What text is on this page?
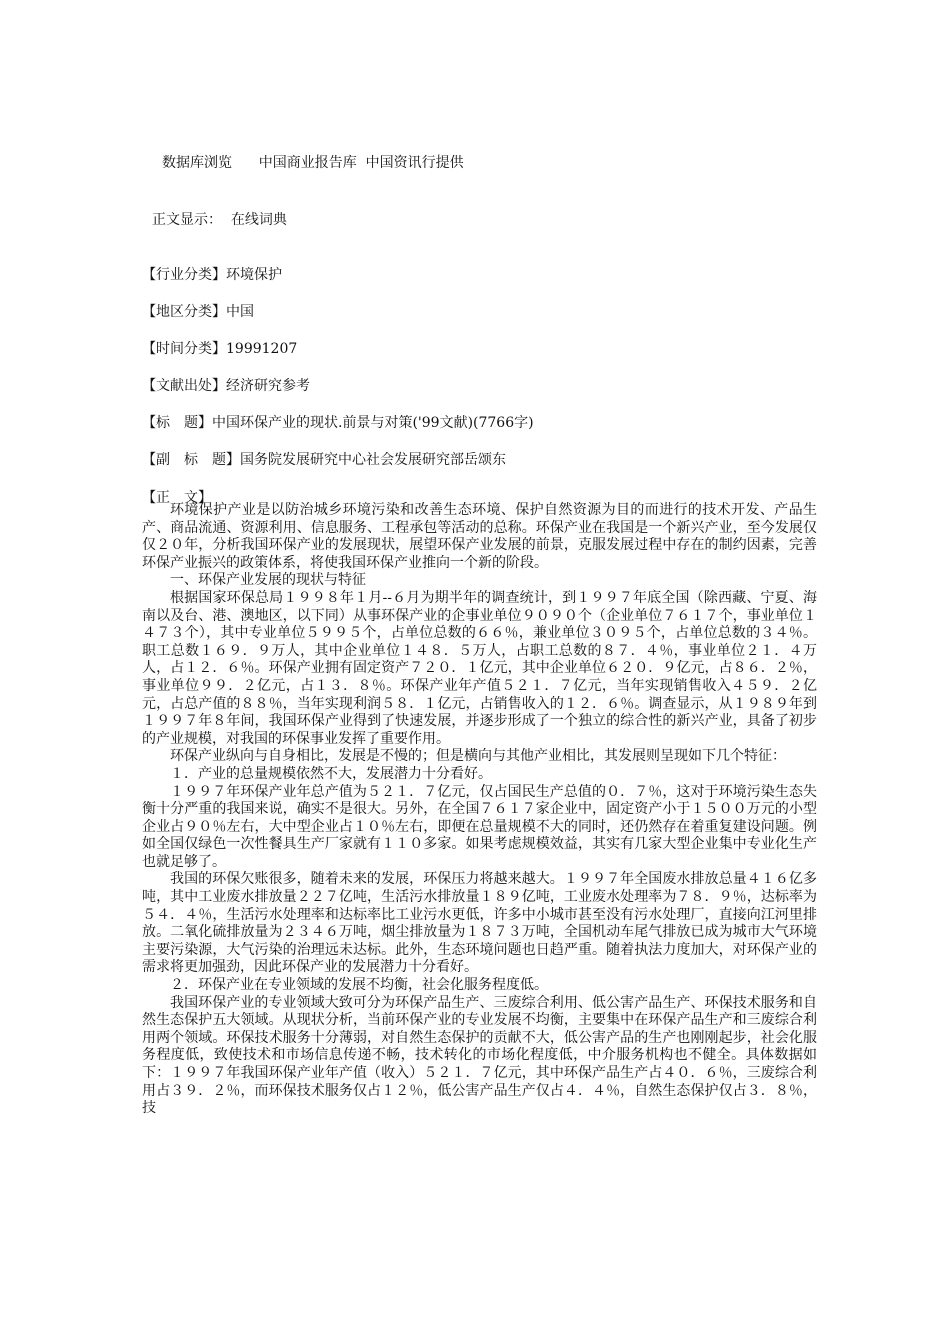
数据库浏览 中国商业报告库 中国资讯行提供
正文显示： 在线词典
【行业分类】环境保护
【地区分类】中国
【时间分类】19991207
【文献出处】经济研究参考
【标　题】中国环保产业的现状.前景与对策('99文献)(7766字)
【副　标　题】国务院发展研究中心社会发展研究部岳颂东
【正　文】

环境保护产业是以防治城乡环境污染和改善生态环境、保护自然资源为目的而进行的技术开发、产品生产、商品流通、资源利用、信息服务、工程承包等活动的总称。环保产业在我国是一个新兴产业，至今发展仅仅２０年，分析我国环保产业的发展现状，展望环保产业发展的前景，克服发展过程中存在的制约因素，完善环保产业振兴的政策体系，将使我国环保产业推向一个新的阶段。

一、环保产业发展的现状与特征

根据国家环保总局１９９８年１月--６月为期半年的调查统计，到１９９７年底全国（除西藏、宁夏、海南以及台、港、澳地区，以下同）从事环保产业的企事业单位９０９０个（企业单位７６１７个，事业单位１４７３个），其中专业单位５９９５个，占单位总数的６６％，兼业单位３０９５个，占单位总数的３４％。职工总数１６９．９万人，其中企业单位１４８．５万人，占职工总数的８７．４％，事业单位２１．４万人，占１２．６％。环保产业拥有固定资产７２０．１亿元，其中企业单位６２０．９亿元，占８６．２％，事业单位９９．２亿元，占１３．８％。环保产业年产值５２１．７亿元，当年实现销售收入４５９．２亿元，占总产值的８８％，当年实现利润５８．１亿元，占销售收入的１２．６％。调查显示，从１９８９年到１９９７年８年间，我国环保产业得到了快速发展，并逐步形成了一个独立的综合性的新兴产业，具备了初步的产业规模，对我国的环保事业发挥了重要作用。

环保产业纵向与自身相比，发展是不慢的；但是横向与其他产业相比，其发展则呈现如下几个特征：

１．产业的总量规模依然不大，发展潜力十分看好。

１９９７年环保产业年总产值为５２１．７亿元，仅占国民生产总值的０．７％，这对于环境污染生态失衡十分严重的我国来说，确实不是很大。另外，在全国７６１７家企业中，固定资产小于１５００万元的小型企业占９０％左右，大中型企业占１０％左右，即便在总量规模不大的同时，还仍然存在着重复建设问题。例如全国仅绿色一次性餐具生产厂家就有１１０多家。如果考虑规模效益，其实有几家大型企业集中专业化生产也就足够了。

我国的环保欠账很多，随着未来的发展，环保压力将越来越大。１９９７年全国废水排放总量４１６亿多吨，其中工业废水排放量２２７亿吨，生活污水排放量１８９亿吨，工业废水处理率为７８．９％，达标率为５４．４％，生活污水处理率和达标率比工业污水更低，许多中小城市甚至没有污水处理厂，直接向江河里排放。二氧化硫排放量为２３４６万吨，烟尘排放量为１８７３万吨，全国机动车尾气排放已成为城市大气环境主要污染源，大气污染的治理远未达标。此外，生态环境问题也日趋严重。随着执法力度加大，对环保产业的需求将更加强劲，因此环保产业的发展潜力十分看好。

２．环保产业在专业领域的发展不均衡，社会化服务程度低。

我国环保产业的专业领域大致可分为环保产品生产、三废综合利用、低公害产品生产、环保技术服务和自然生态保护五大领域。从现状分析，当前环保产业的专业发展不均衡，主要集中在环保产品生产和三废综合利用两个领域。环保技术服务十分薄弱，对自然生态保护的贡献不大，低公害产品的生产也刚刚起步，社会化服务程度低，致使技术和市场信息传递不畅，技术转化的市场化程度低，中介服务机构也不健全。具体数据如下：１９９７年我国环保产业年产值（收入）５２１．７亿元，其中环保产品生产占４０．６％，三废综合利用占３９．２％，而环保技术服务仅占１２％，低公害产品生产仅占４．４％，自然生态保护仅占３．８％，技
